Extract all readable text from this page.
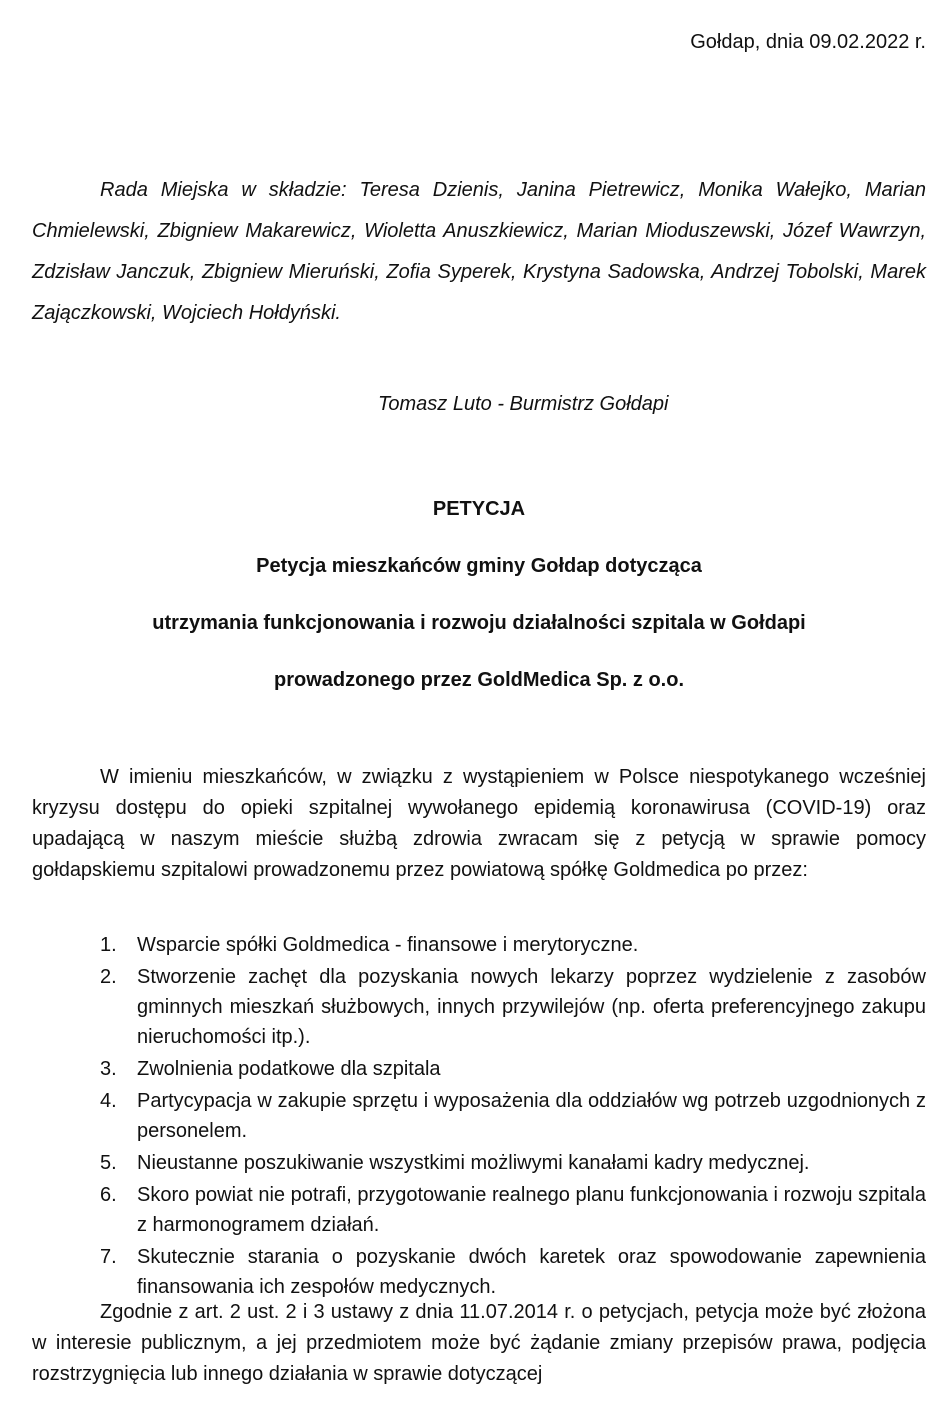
Gołdap, dnia 09.02.2022 r.
Rada Miejska w składzie: Teresa Dzienis, Janina Pietrewicz, Monika Wałejko, Marian Chmielewski, Zbigniew Makarewicz, Wioletta Anuszkiewicz, Marian Mioduszewski, Józef Wawrzyn, Zdzisław Janczuk, Zbigniew Mieruński, Zofia Syperek, Krystyna Sadowska, Andrzej Tobolski, Marek Zajączkowski, Wojciech Hołdyński.
Tomasz Luto - Burmistrz Gołdapi
PETYCJA
Petycja mieszkańców gminy Gołdap dotycząca
utrzymania funkcjonowania i rozwoju działalności szpitala w Gołdapi
prowadzonego przez GoldMedica Sp. z o.o.
W imieniu mieszkańców, w związku z wystąpieniem w Polsce niespotykanego wcześniej kryzysu dostępu do opieki szpitalnej wywołanego epidemią koronawirusa (COVID-19) oraz upadającą w naszym mieście służbą zdrowia zwracam się z petycją w sprawie pomocy gołdapskiemu szpitalowi prowadzonemu przez powiatową spółkę Goldmedica po przez:
1.	Wsparcie spółki Goldmedica - finansowe i merytoryczne.
2.	Stworzenie zachęt dla pozyskania nowych lekarzy poprzez wydzielenie z zasobów gminnych mieszkań służbowych, innych przywilejów (np. oferta preferencyjnego zakupu nieruchomości itp.).
3.	Zwolnienia podatkowe dla szpitala
4.	Partycypacja w zakupie sprzętu i wyposażenia dla oddziałów wg potrzeb uzgodnionych z personelem.
5.	Nieustanne poszukiwanie wszystkimi możliwymi kanałami kadry medycznej.
6.	Skoro powiat nie potrafi, przygotowanie realnego planu funkcjonowania i rozwoju szpitala z harmonogramem działań.
7.	Skutecznie starania o pozyskanie dwóch karetek oraz spowodowanie zapewnienia finansowania ich zespołów medycznych.
Zgodnie z art. 2 ust. 2 i 3 ustawy z dnia 11.07.2014 r. o petycjach, petycja może być złożona w interesie publicznym, a jej przedmiotem może być żądanie zmiany przepisów prawa, podjęcia rozstrzygnięcia lub innego działania w sprawie dotyczącej
